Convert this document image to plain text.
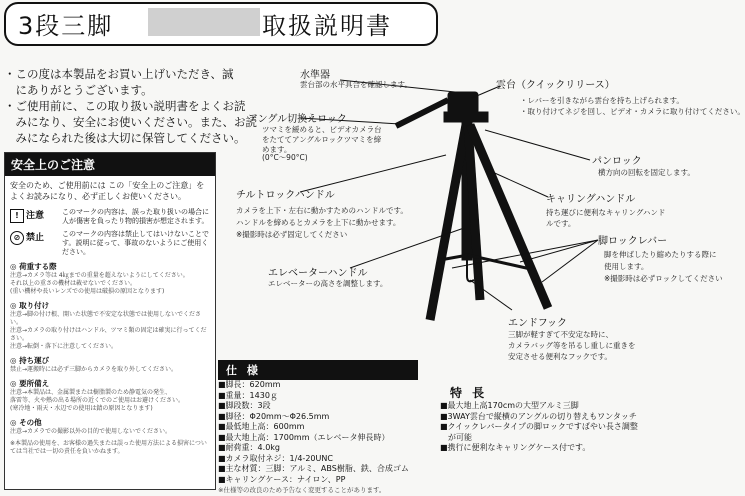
3段三脚	取扱説明書
・この度は本製品をお買い上げいただき、誠
　にありがとうございます。
・ご使用前に、この取り扱い説明書をよくお読
　みになり、安全にお使いください。また、お読
　みになられた後は大切に保管してください。
安全上のご注意
安全のため、ご使用前には この「安全上のご注意」をよくお読みになり、必ず正しくお使いください。
! 注意	このマークの内容は、誤った取り扱いの場合に人が傷害を負ったり物的損害が想定されます。
⊘ 禁止	このマークの内容は禁止してはいけないことです。説明に従って、事故のないようにご使用ください。
◎ 荷重する際
注意→カメラ等は 4㎏までの重量を超えないようにしてください。
それ以上の重さの機材は載せないでください。
(重い機材や長いレンズでの使用は破損の原因となります)
◎ 取り付け
注意→脚の付け根、開いた状態で不安定な状態では使用しないでください。
注意→カメラの取り付けはハンドル、ツマミ類の固定は確実に行ってください。
注意→転倒・落下に注意してください。
◎ 持ち運び
禁止→運搬時には必ず三脚からカメラを取り外してください。
◎ 要所備え
注意→本製品は、金属製または樹脂製のため静電気の発生、
落雷等、火や熱の出る場所の近くでのご使用はお避けください。
(寒冷地・雨天・水辺での使用は錆の原因となります)
◎ その他
注意→カメラでの撮影以外の目的で使用しないでください。
※本製品の使用を、お客様の過失または誤った使用方法による損害については当社では一切の責任を負いかねます。
水準器
雲台部の水平具合を確認します。	雲台（クイックリリース）
・レバーを引きながら雲台を持ち上げられます。
・取り付けてネジを回し、ビデオ・カメラに取り付けてください。
アングル切換えロック
ツマミを緩めると、ビデオカメラ台をたててアングルロックツマミを締めます。
(0°C～90°C)	パンロック
横方向の回転を固定します。
チルトロックハンドル
カメラを上下・左右に動かすためのハンドルです。
ハンドルを締めるとカメラを上下に動かせます。
※撮影時は必ず固定してください
キャリングハンドル
持ち運びに便利なキャリングハンド
ルです。
エレベーターハンドル
エレベーターの高さを調整します。
脚ロックレバー
脚を伸ばしたり縮めたりする際に
使用します。
※撮影時は必ずロックしてください
エンドフック
三脚が軽すぎて不安定な時に、
カメラバッグ等を吊るし重しに重きを
安定させる便利なフックです。
仕 様
■脚長：620mm
■重量：1430ｇ
■脚段数：3段
■脚径：Φ20mm～Φ26.5mm
■最低地上高：600mm
■最大地上高：1700mm（エレベータ伸長時）
■耐荷重：4.0kg
■カメラ取付ネジ：1/4-20UNC
■主な材質：三脚：アルミ、ABS樹脂、鉄、合成ゴム
■キャリングケース：ナイロン、PP
※仕様等の改良のため予告なく変更することがあります。
特 長
■最大地上高170cmの大型アルミ三脚
■3WAY雲台で縦横のアングルの切り替えもワンタッチ
■クイックレバータイプの脚ロックですばやい長さ調整
　が可能
■携行に便利なキャリングケース付です。
